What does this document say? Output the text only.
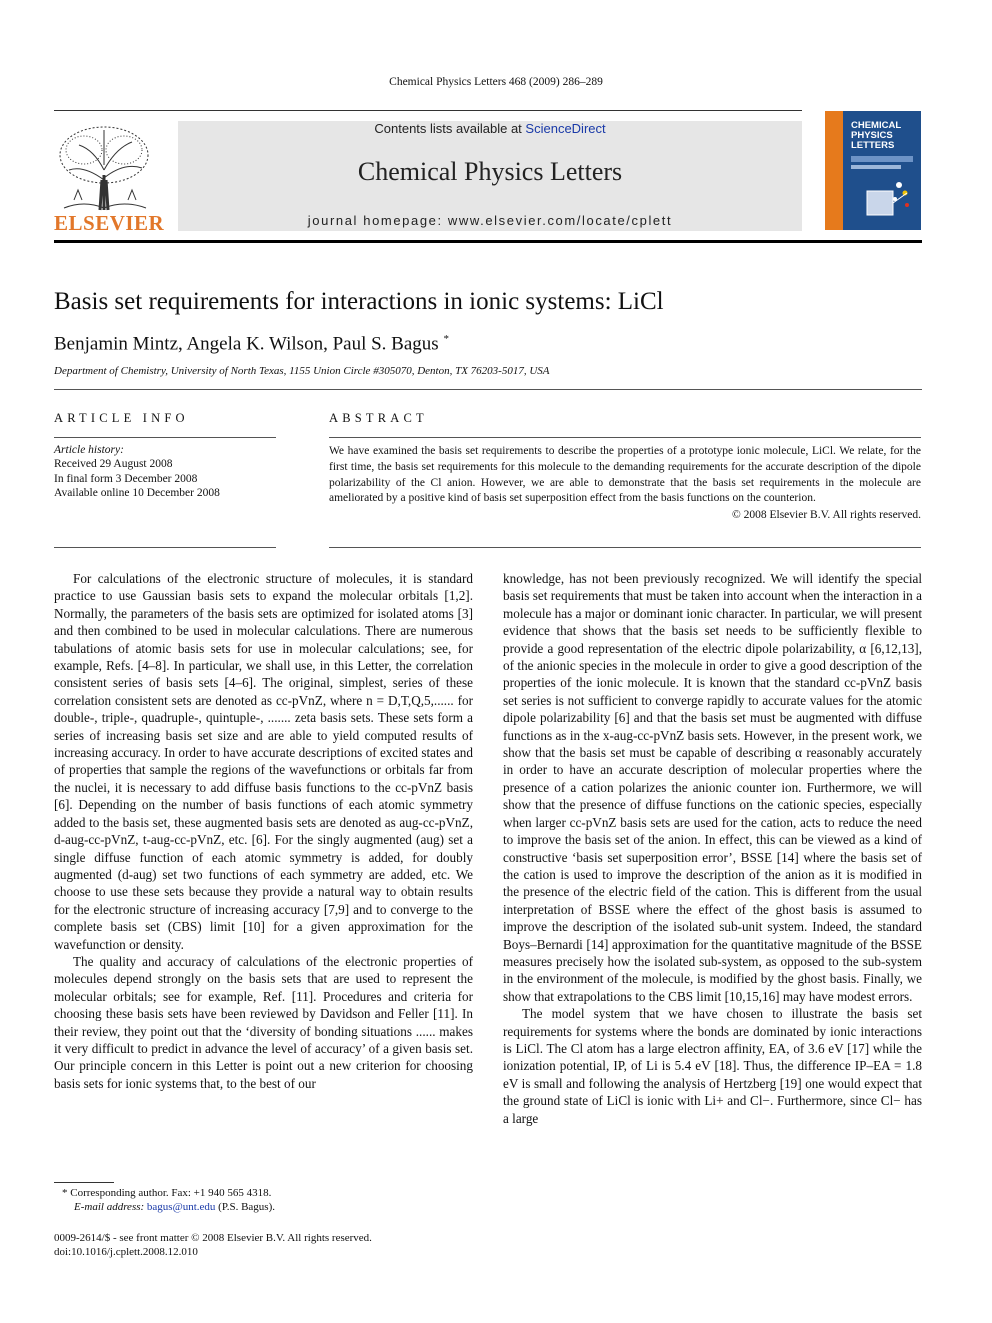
Chemical Physics Letters 468 (2009) 286–289
ELSEVIER
Contents lists available at ScienceDirect
Chemical Physics Letters
journal homepage: www.elsevier.com/locate/cplett
CHEMICAL
PHYSICS
LETTERS
Basis set requirements for interactions in ionic systems: LiCl
Benjamin Mintz, Angela K. Wilson, Paul S. Bagus *
Department of Chemistry, University of North Texas, 1155 Union Circle #305070, Denton, TX 76203-5017, USA
ARTICLE INFO
Article history:
Received 29 August 2008
In final form 3 December 2008
Available online 10 December 2008
ABSTRACT
We have examined the basis set requirements to describe the properties of a prototype ionic molecule, LiCl. We relate, for the first time, the basis set requirements for this molecule to the demanding requirements for the accurate description of the dipole polarizability of the Cl anion. However, we are able to demonstrate that the basis set requirements in the molecule are ameliorated by a positive kind of basis set superposition effect from the basis functions on the counterion.
© 2008 Elsevier B.V. All rights reserved.

For calculations of the electronic structure of molecules, it is standard practice to use Gaussian basis sets to expand the molecular orbitals [1,2]. Normally, the parameters of the basis sets are optimized for isolated atoms [3] and then combined to be used in molecular calculations. There are numerous tabulations of atomic basis sets for use in molecular calculations; see, for example, Refs. [4–8]. In particular, we shall use, in this Letter, the correlation consistent series of basis sets [4–6]. The original, simplest, series of these correlation consistent sets are denoted as cc-pVnZ, where n = D,T,Q,5,...... for double-, triple-, quadruple-, quintuple-, ....... zeta basis sets. These sets form a series of increasing basis set size and are able to yield computed results of increasing accuracy. In order to have accurate descriptions of excited states and of properties that sample the regions of the wavefunctions or orbitals far from the nuclei, it is necessary to add diffuse basis functions to the cc-pVnZ basis [6]. Depending on the number of basis functions of each atomic symmetry added to the basis set, these augmented basis sets are denoted as aug-cc-pVnZ, d-aug-cc-pVnZ, t-aug-cc-pVnZ, etc. [6]. For the singly augmented (aug) set a single diffuse function of each atomic symmetry is added, for doubly augmented (d-aug) set two functions of each symmetry are added, etc. We choose to use these sets because they provide a natural way to obtain results for the electronic structure of increasing accuracy [7,9] and to converge to the complete basis set (CBS) limit [10] for a given approximation for the wavefunction or density.

The quality and accuracy of calculations of the electronic properties of molecules depend strongly on the basis sets that are used to represent the molecular orbitals; see for example, Ref. [11]. Procedures and criteria for choosing these basis sets have been reviewed by Davidson and Feller [11]. In their review, they point out that the ‘diversity of bonding situations ...... makes it very difficult to predict in advance the level of accuracy’ of a given basis set. Our principle concern in this Letter is point out a new criterion for choosing basis sets for ionic systems that, to the best of our

knowledge, has not been previously recognized. We will identify the special basis set requirements that must be taken into account when the interaction in a molecule has a major or dominant ionic character. In particular, we will present evidence that shows that the basis set needs to be sufficiently flexible to provide a good representation of the electric dipole polarizability, α [6,12,13], of the anionic species in the molecule in order to give a good description of the properties of the ionic molecule. It is known that the standard cc-pVnZ basis set series is not sufficient to converge rapidly to accurate values for the atomic dipole polarizability [6] and that the basis set must be augmented with diffuse functions as in the x-aug-cc-pVnZ basis sets. However, in the present work, we show that the basis set must be capable of describing α reasonably accurately in order to have an accurate description of molecular properties where the presence of a cation polarizes the anionic counter ion. Furthermore, we will show that the presence of diffuse functions on the cationic species, especially when larger cc-pVnZ basis sets are used for the cation, acts to reduce the need to improve the basis set of the anion. In effect, this can be viewed as a kind of constructive ‘basis set superposition error’, BSSE [14] where the basis set of the cation is used to improve the description of the anion as it is modified in the presence of the electric field of the cation. This is different from the usual interpretation of BSSE where the effect of the ghost basis is assumed to improve the description of the isolated sub-unit system. Indeed, the standard Boys–Bernardi [14] approximation for the quantitative magnitude of the BSSE measures precisely how the isolated sub-system, as opposed to the sub-system in the environment of the molecule, is modified by the ghost basis. Finally, we show that extrapolations to the CBS limit [10,15,16] may have modest errors.

The model system that we have chosen to illustrate the basis set requirements for systems where the bonds are dominated by ionic interactions is LiCl. The Cl atom has a large electron affinity, EA, of 3.6 eV [17] while the ionization potential, IP, of Li is 5.4 eV [18]. Thus, the difference IP–EA = 1.8 eV is small and following the analysis of Hertzberg [19] one would expect that the ground state of LiCl is ionic with Li+ and Cl−. Furthermore, since Cl− has a large

* Corresponding author. Fax: +1 940 565 4318.
E-mail address: bagus@unt.edu (P.S. Bagus).
0009-2614/$ - see front matter © 2008 Elsevier B.V. All rights reserved.
doi:10.1016/j.cplett.2008.12.010
